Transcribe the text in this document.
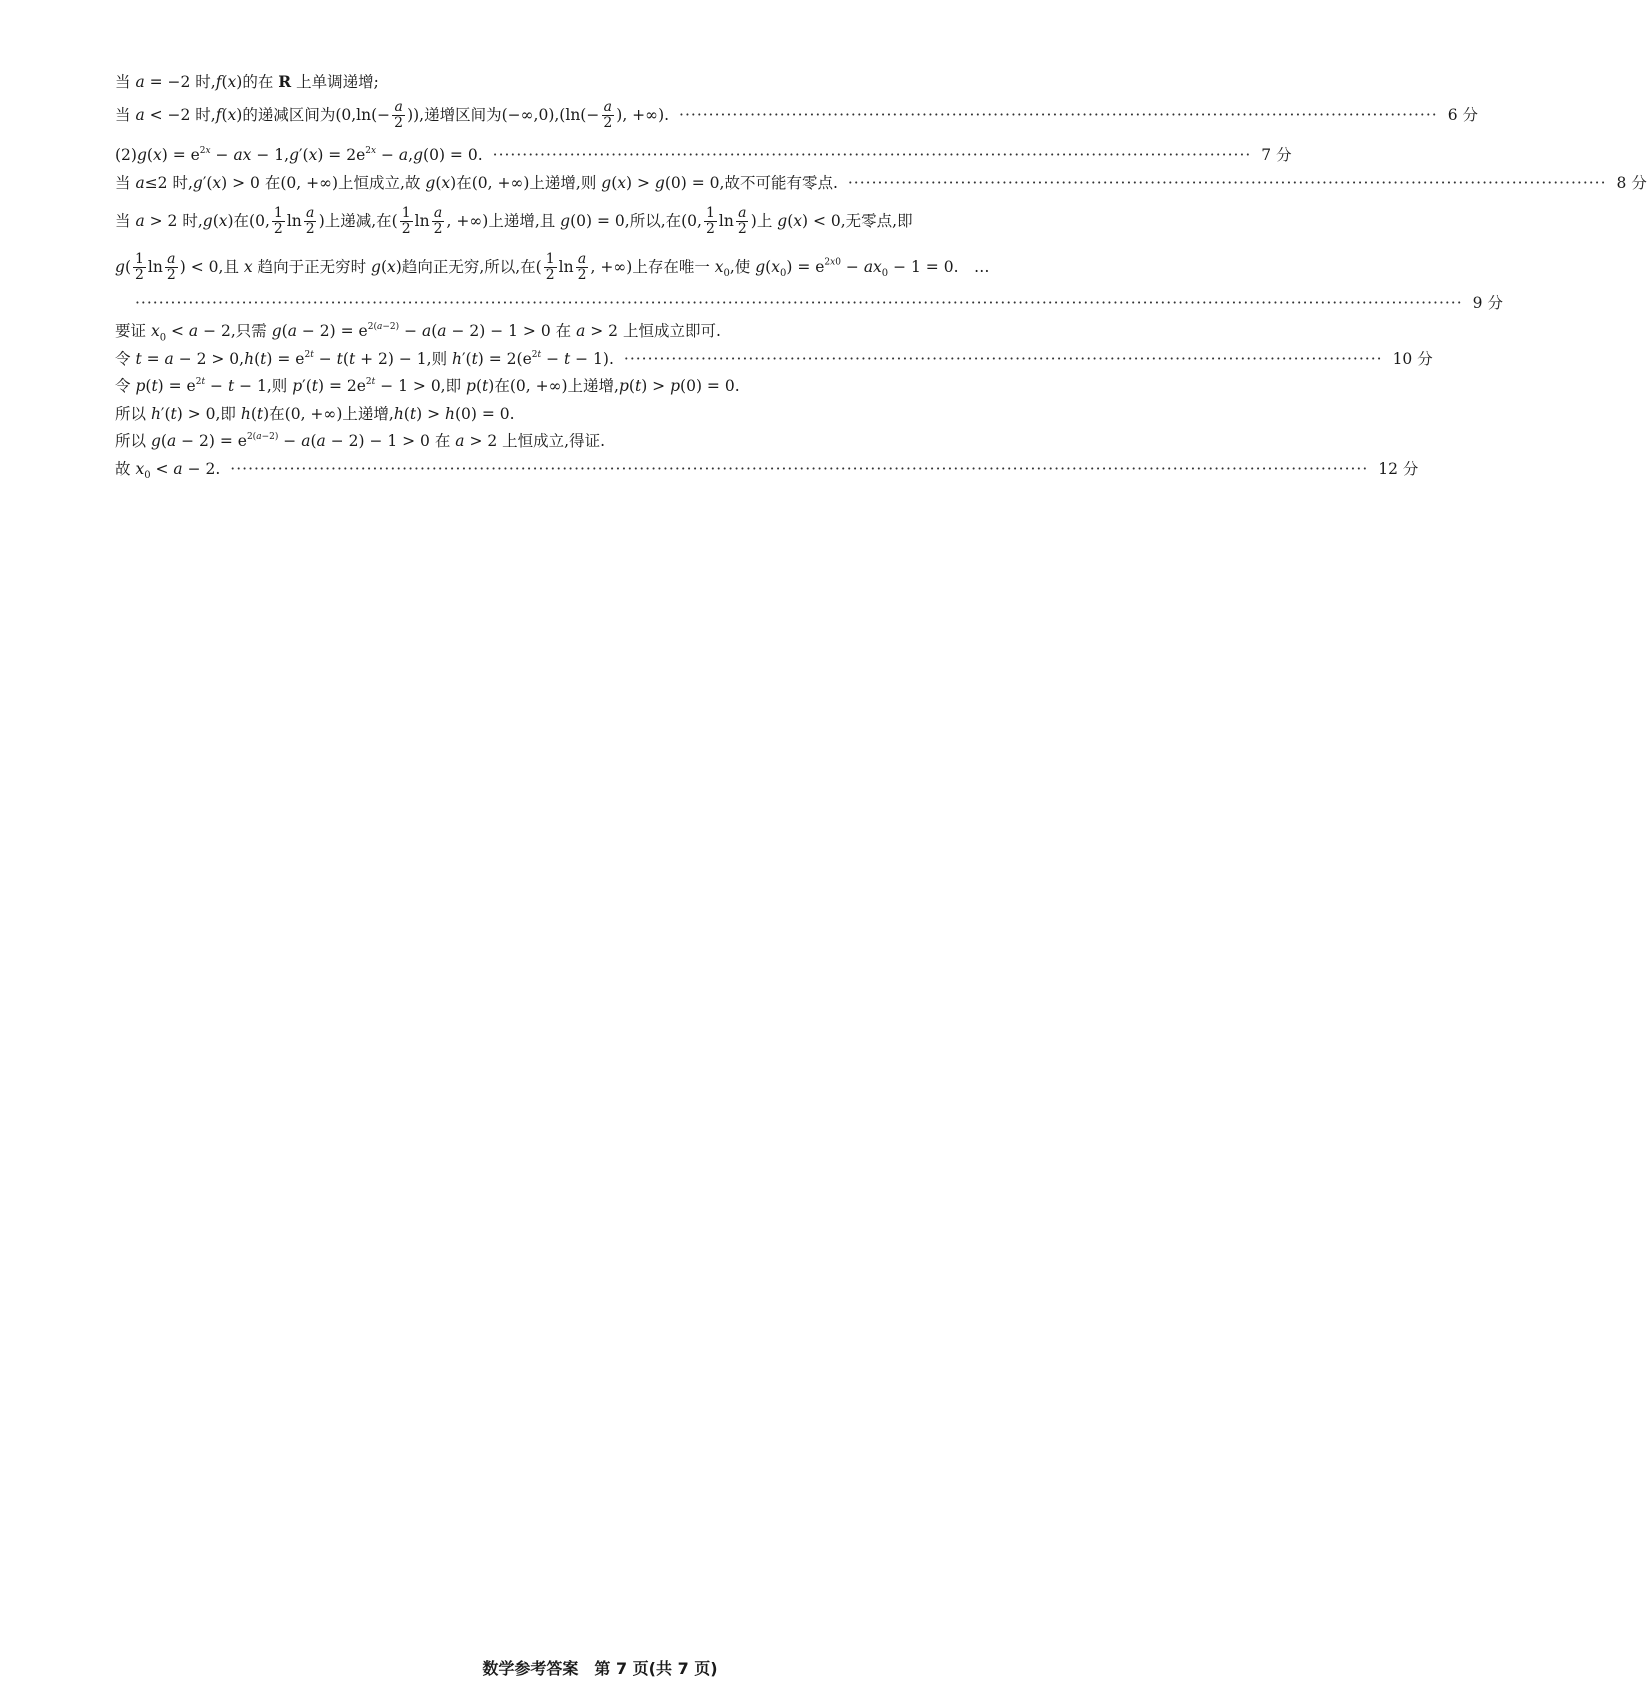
当 a = −2 时,f(x)的在 R 上单调递增;
当 a < −2 时,f(x)的递减区间为($0,\ln(- \frac{a}{2}$ )),递增区间为$(-\infty,0),(\ln(- \frac{a}{2}$ ), +∞). ································································································································ 6 分
$(2)g(x) = e^{2x}$ − ax − $1,g'(x) = 2e^{2x} - a,g(0) = 0$. ································································································································ 7 分
当 a≤2 时,g′(x) > 0 在(0, +∞)上恒成立,故 g(x)在(0, +∞)上递增,则 g(x) > g(0) = 0,故不可能有零点. ································································································································ 8 分
当 a > 2 时,g(x)在(0, $\frac{1}{2}$ $\ln \frac{a}{2}$ )上递减,在( $\frac{1}{2}$ $\ln \frac{a}{2}$ , +∞)上递增,且 g(0) = 0,所以,在(0, $\frac{1}{2}$ $\ln \frac{a}{2}$ )上 g(x) < 0,无零点,即
$g( \frac{1}{2}$ $\ln \frac{a}{2}$ ) < 0,且 x 趋向于正无穷时 g(x)趋向正无穷,所以,在( $\frac{1}{2}$ $\ln \frac{a}{2}$ , +∞)上存在唯一 $x_0$,使 $g(x_0) = e^{2x0} - ax_0 - 1 = 0$.　…
································································································································································································································ 9 分
要证 $x_0 < a - 2$,只需 $g(a - 2) = e^{2(a-2)} - a(a - 2) - 1 > 0$ 在 a > 2 上恒成立即可.
令 $t = a - 2 > 0,h(t) = e^{2t} - t(t + 2) - 1$,则 $h'(t) = 2(e^{2t} - t - 1)$. ································································································································ 10 分
令 $p(t) = e^{2t} - t - 1$,则 $p'(t) = 2e^{2t} - 1 > 0$,即 p(t)在(0, +∞)上递增,p(t) > p(0) = 0.
所以 h′(t) > 0,即 h(t)在(0, +∞)上递增,h(t) > h(0) = 0.
所以 $g(a - 2) = e^{2(a-2)} - a(a - 2) - 1 > 0$ 在 a > 2 上恒成立,得证.
故 $x_0 < a - 2$. ································································································································································································ 12 分
数学参考答案　第 7 页(共 7 页)
